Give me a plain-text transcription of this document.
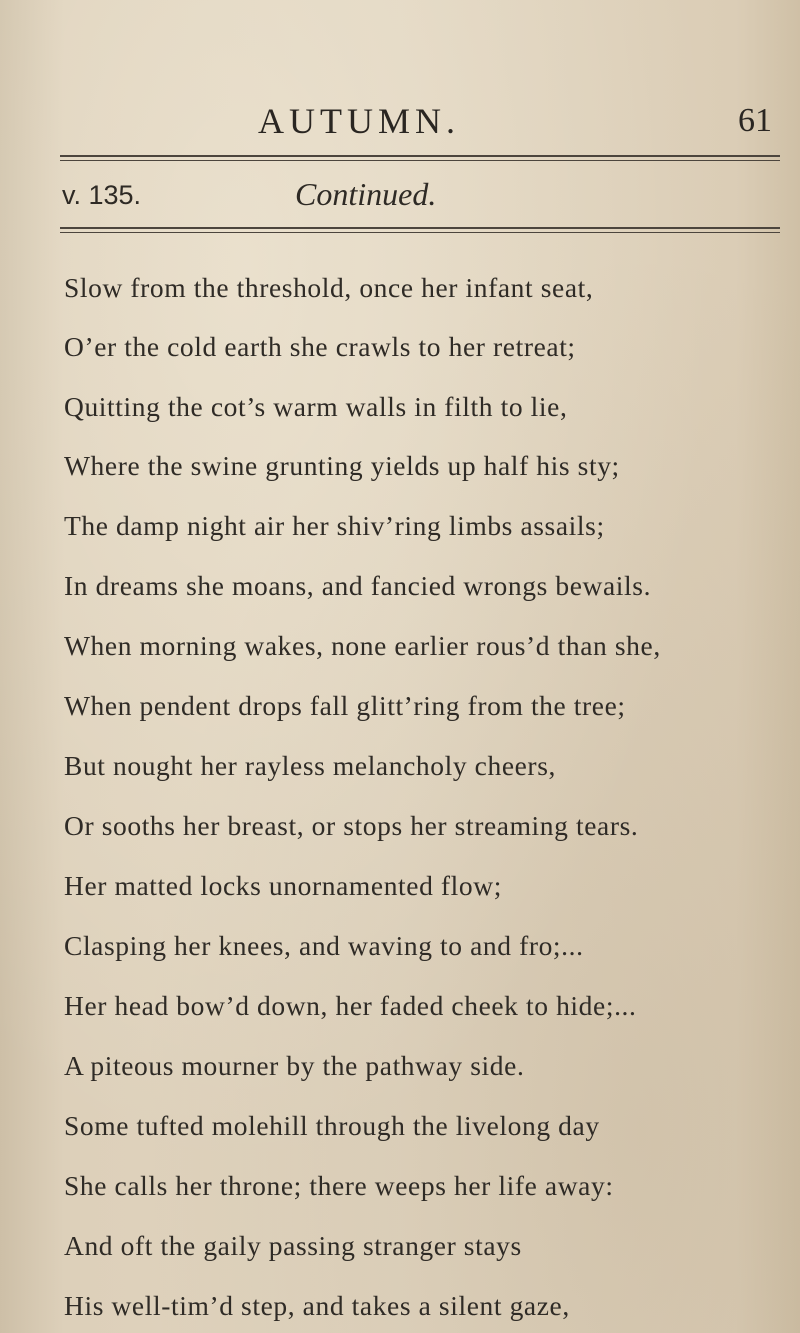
AUTUMN.	61
v. 135.	Continued.
Slow from the threshold, once her infant seat,
O’er the cold earth she crawls to her retreat;
Quitting the cot’s warm walls in filth to lie,
Where the swine grunting yields up half his sty;
The damp night air her shiv’ring limbs assails;
In dreams she moans, and fancied wrongs bewails.
When morning wakes, none earlier rous’d than she,
When pendent drops fall glitt’ring from the tree;
But nought her rayless melancholy cheers,
Or sooths her breast, or stops her streaming tears.
Her matted locks unornamented flow;
Clasping her knees, and waving to and fro;...
Her head bow’d down, her faded cheek to hide;...
A piteous mourner by the pathway side.
Some tufted molehill through the livelong day
She calls her throne; there weeps her life away:
And oft the gaily passing stranger stays
His well-tim’d step, and takes a silent gaze,
